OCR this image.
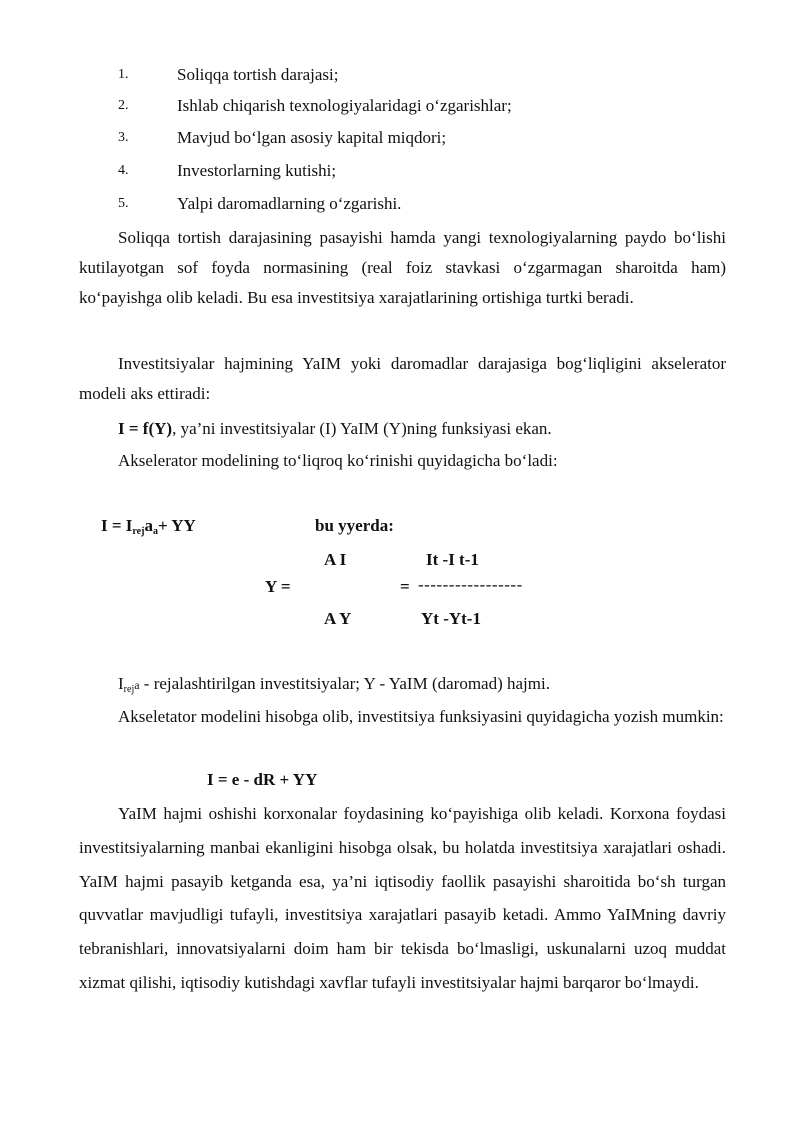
1.	Soliqqa tortish darajasi;
2.	Ishlab chiqarish texnologiyalaridagi o‘zgarishlar;
3.	Mavjud bo‘lgan asosiy kapital miqdori;
4.	Investorlarning kutishi;
5.	Yalpi daromadlarning o‘zgarishi.
Soliqqa tortish darajasining pasayishi hamda yangi texnologiyalarning paydo bo‘lishi kutilayotgan sof foyda normasining (real foiz stavkasi o‘zgarmagan sharoitda ham) ko‘payishga olib keladi. Bu esa investitsiya xarajatlarining ortishiga turtki beradi.
Investitsiyalar hajmining YaIM yoki daromadlar darajasiga bog‘liqligini akselerator modeli aks ettiradi:
I = f(Y), ya’ni investitsiyalar (I) YaIM (Y)ning funksiyasi ekan.
Akselerator modelining to‘liqroq ko‘rinishi quyidagicha bo‘ladi:
$I = I_{rej}a_a+$ YY	bu yyerda:
A I	It -I t-1
Y =	= -----------------
A Y	Yt -Yt-1
$I_{rej}a$ - rejalashtirilgan investitsiyalar; Y - YaIM (daromad) hajmi.
Akseletator modelini hisobga olib, investitsiya funksiyasini quyidagicha yozish mumkin:
I = e - dR + YY
YaIM hajmi oshishi korxonalar foydasining ko‘payishiga olib keladi. Korxona foydasi investitsiyalarning manbai ekanligini hisobga olsak, bu holatda investitsiya xarajatlari oshadi. YaIM hajmi pasayib ketganda esa, ya’ni iqtisodiy faollik pasayishi sharoitida bo‘sh turgan quvvatlar mavjudligi tufayli, investitsiya xarajatlari pasayib ketadi. Ammo YaIMning davriy tebranishlari, innovatsiyalarni doim ham bir tekisda bo‘lmasligi, uskunalarni uzoq muddat xizmat qilishi, iqtisodiy kutishdagi xavflar tufayli investitsiyalar hajmi barqaror bo‘lmaydi.
